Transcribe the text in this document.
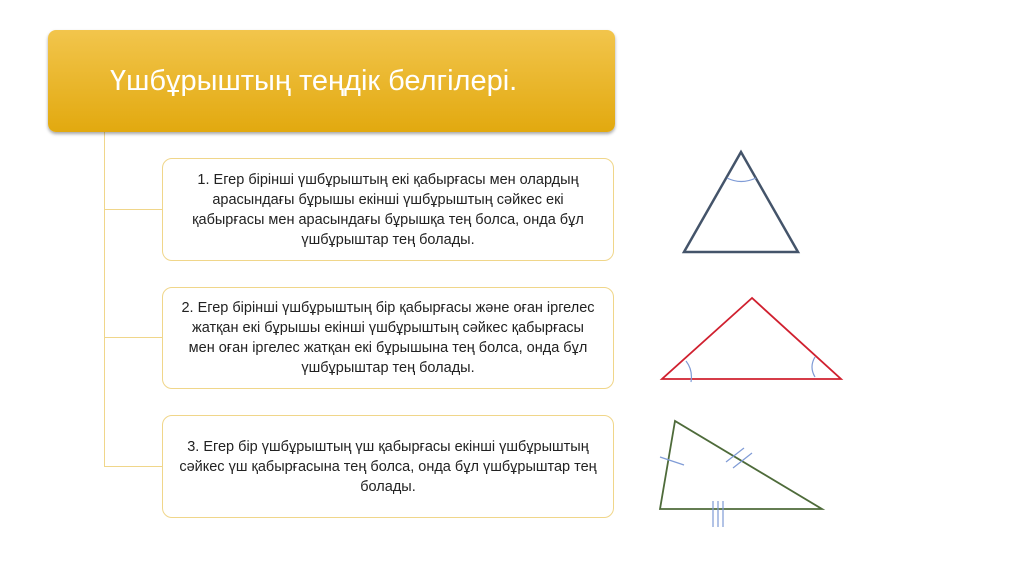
Үшбұрыштың теңдік белгілері.
1. Егер бірінші үшбұрыштың екі қабырғасы мен олардың арасындағы бұрышы екінші үшбұрыштың сәйкес екі қабырғасы мен арасындағы бұрышқа тең болса, онда бұл үшбұрыштар тең болады.
2. Егер бірінші үшбұрыштың бір қабырғасы және оған іргелес жатқан екі бұрышы екінші үшбұрыштың сәйкес қабырғасы мен оған іргелес жатқан екі бұрышына тең болса, онда бұл үшбұрыштар тең болады.
3. Егер бір үшбұрыштың үш қабырғасы екінші үшбұрыштың сәйкес үш қабырғасына тең болса, онда бұл үшбұрыштар тең болады.
